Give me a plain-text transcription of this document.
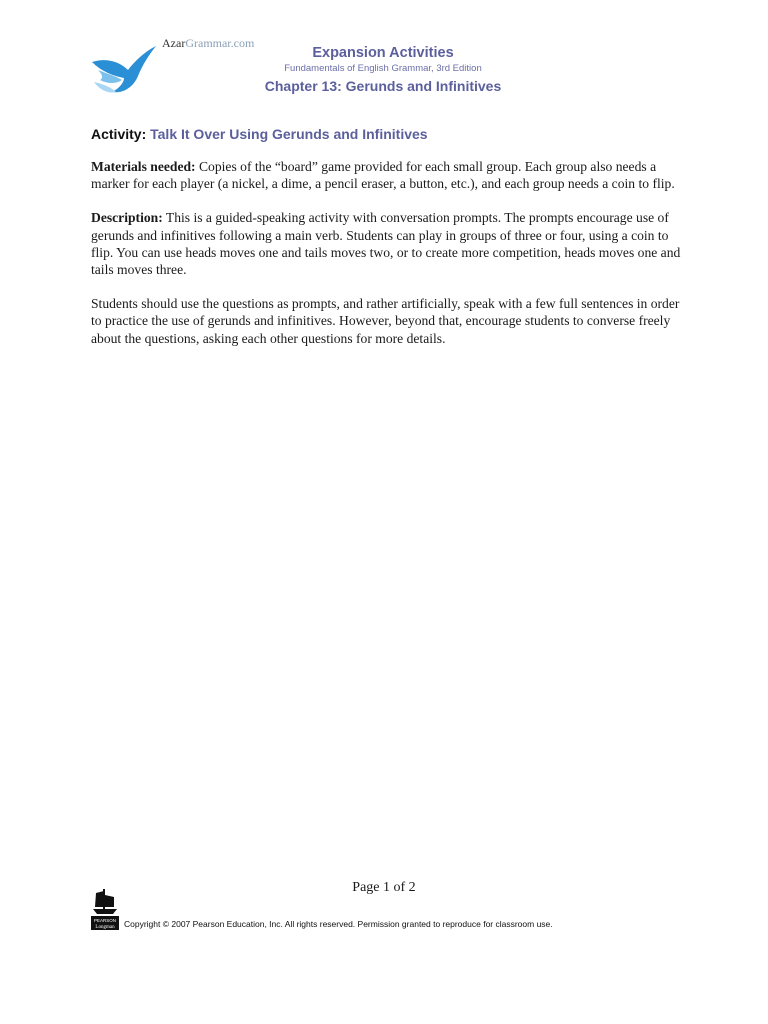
AzarGrammar.com
Expansion Activities
Fundamentals of English Grammar, 3rd Edition
Chapter 13: Gerunds and Infinitives

Activity: Talk It Over Using Gerunds and Infinitives

Materials needed: Copies of the “board” game provided for each small group. Each group also needs a marker for each player (a nickel, a dime, a pencil eraser, a button, etc.), and each group needs a coin to flip.

Description: This is a guided-speaking activity with conversation prompts. The prompts encourage use of gerunds and infinitives following a main verb. Students can play in groups of three or four, using a coin to flip. You can use heads moves one and tails moves two, or to create more competition, heads moves one and tails moves three.

Students should use the questions as prompts, and rather artificially, speak with a few full sentences in order to practice the use of gerunds and infinitives. However, beyond that, encourage students to converse freely about the questions, asking each other questions for more details.

Page 1 of 2
PEARSON
Longman Copyright © 2007 Pearson Education, Inc. All rights reserved. Permission granted to reproduce for classroom use.
